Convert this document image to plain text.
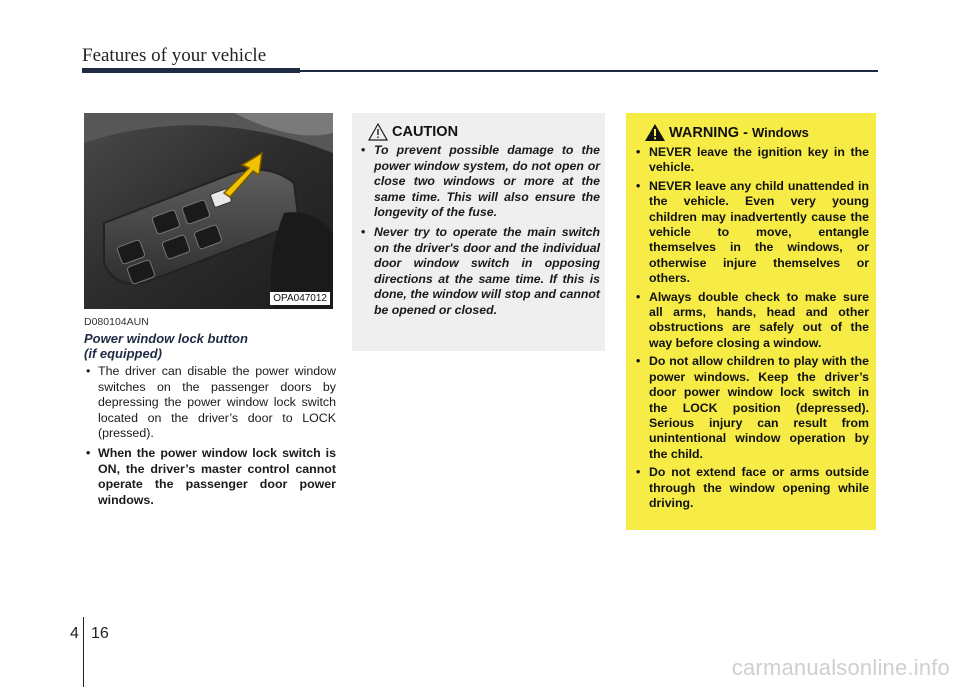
Features of your vehicle
OPA047012
D080104AUN
Power window lock button
(if equipped)
• The driver can disable the power window switches on the passenger doors by depressing the power window lock switch located on the driver’s door to LOCK (pressed).
• When the power window lock switch is ON, the driver’s master control cannot operate the passenger door power windows.
CAUTION
• To prevent possible damage to the power window system, do not open or close two windows or more at the same time. This will also ensure the longevity of the fuse.
• Never try to operate the main switch on the driver's door and the individual door window switch in opposing directions at the same time. If this is done, the window will stop and cannot be opened or closed.
WARNING - Windows
• NEVER leave the ignition key in the vehicle.
• NEVER leave any child unattended in the vehicle. Even very young children may inadvertently cause the vehicle to move, entangle themselves in the windows, or otherwise injure themselves or others.
• Always double check to make sure all arms, hands, head and other obstructions are safely out of the way before closing a window.
• Do not allow children to play with the power windows. Keep the driver’s door power window lock switch in the LOCK position (depressed). Serious injury can result from unintentional window operation by the child.
• Do not extend face or arms outside through the window opening while driving.
4 16
carmanualsonline.info
